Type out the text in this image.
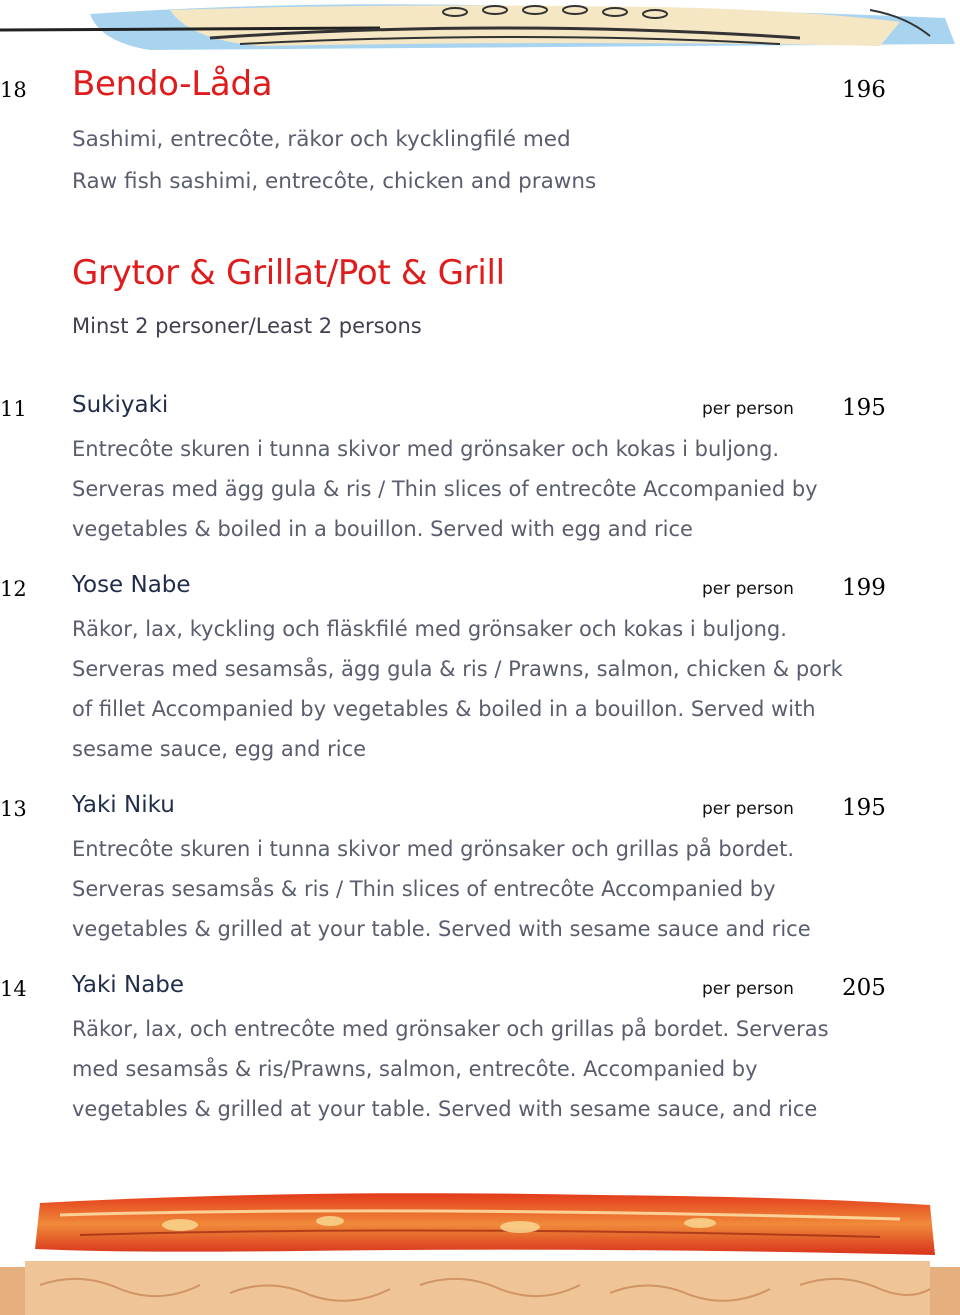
18 Bendo-Låda	196
Sashimi, entrecôte, räkor och kycklingfilé med
Raw fish sashimi, entrecôte, chicken and prawns
Grytor & Grillat/Pot & Grill
Minst 2 personer/Least 2 persons
11 Sukiyaki	per person 195
Entrecôte skuren i tunna skivor med grönsaker och kokas i buljong.
Serveras med ägg gula & ris / Thin slices of entrecôte Accompanied by
vegetables & boiled in a bouillon. Served with egg and rice
12 Yose Nabe	per person 199
Räkor, lax, kyckling och fläskfilé med grönsaker och kokas i buljong.
Serveras med sesamsås, ägg gula & ris / Prawns, salmon, chicken & pork
of fillet Accompanied by vegetables & boiled in a bouillon. Served with
sesame sauce, egg and rice
13 Yaki Niku	per person 195
Entrecôte skuren i tunna skivor med grönsaker och grillas på bordet.
Serveras sesamsås & ris / Thin slices of entrecôte Accompanied by
vegetables & grilled at your table. Served with sesame sauce and rice
14 Yaki Nabe	per person 205
Räkor, lax, och entrecôte med grönsaker och grillas på bordet. Serveras
med sesamsås & ris/Prawns, salmon, entrecôte. Accompanied by
vegetables & grilled at your table. Served with sesame sauce, and rice
